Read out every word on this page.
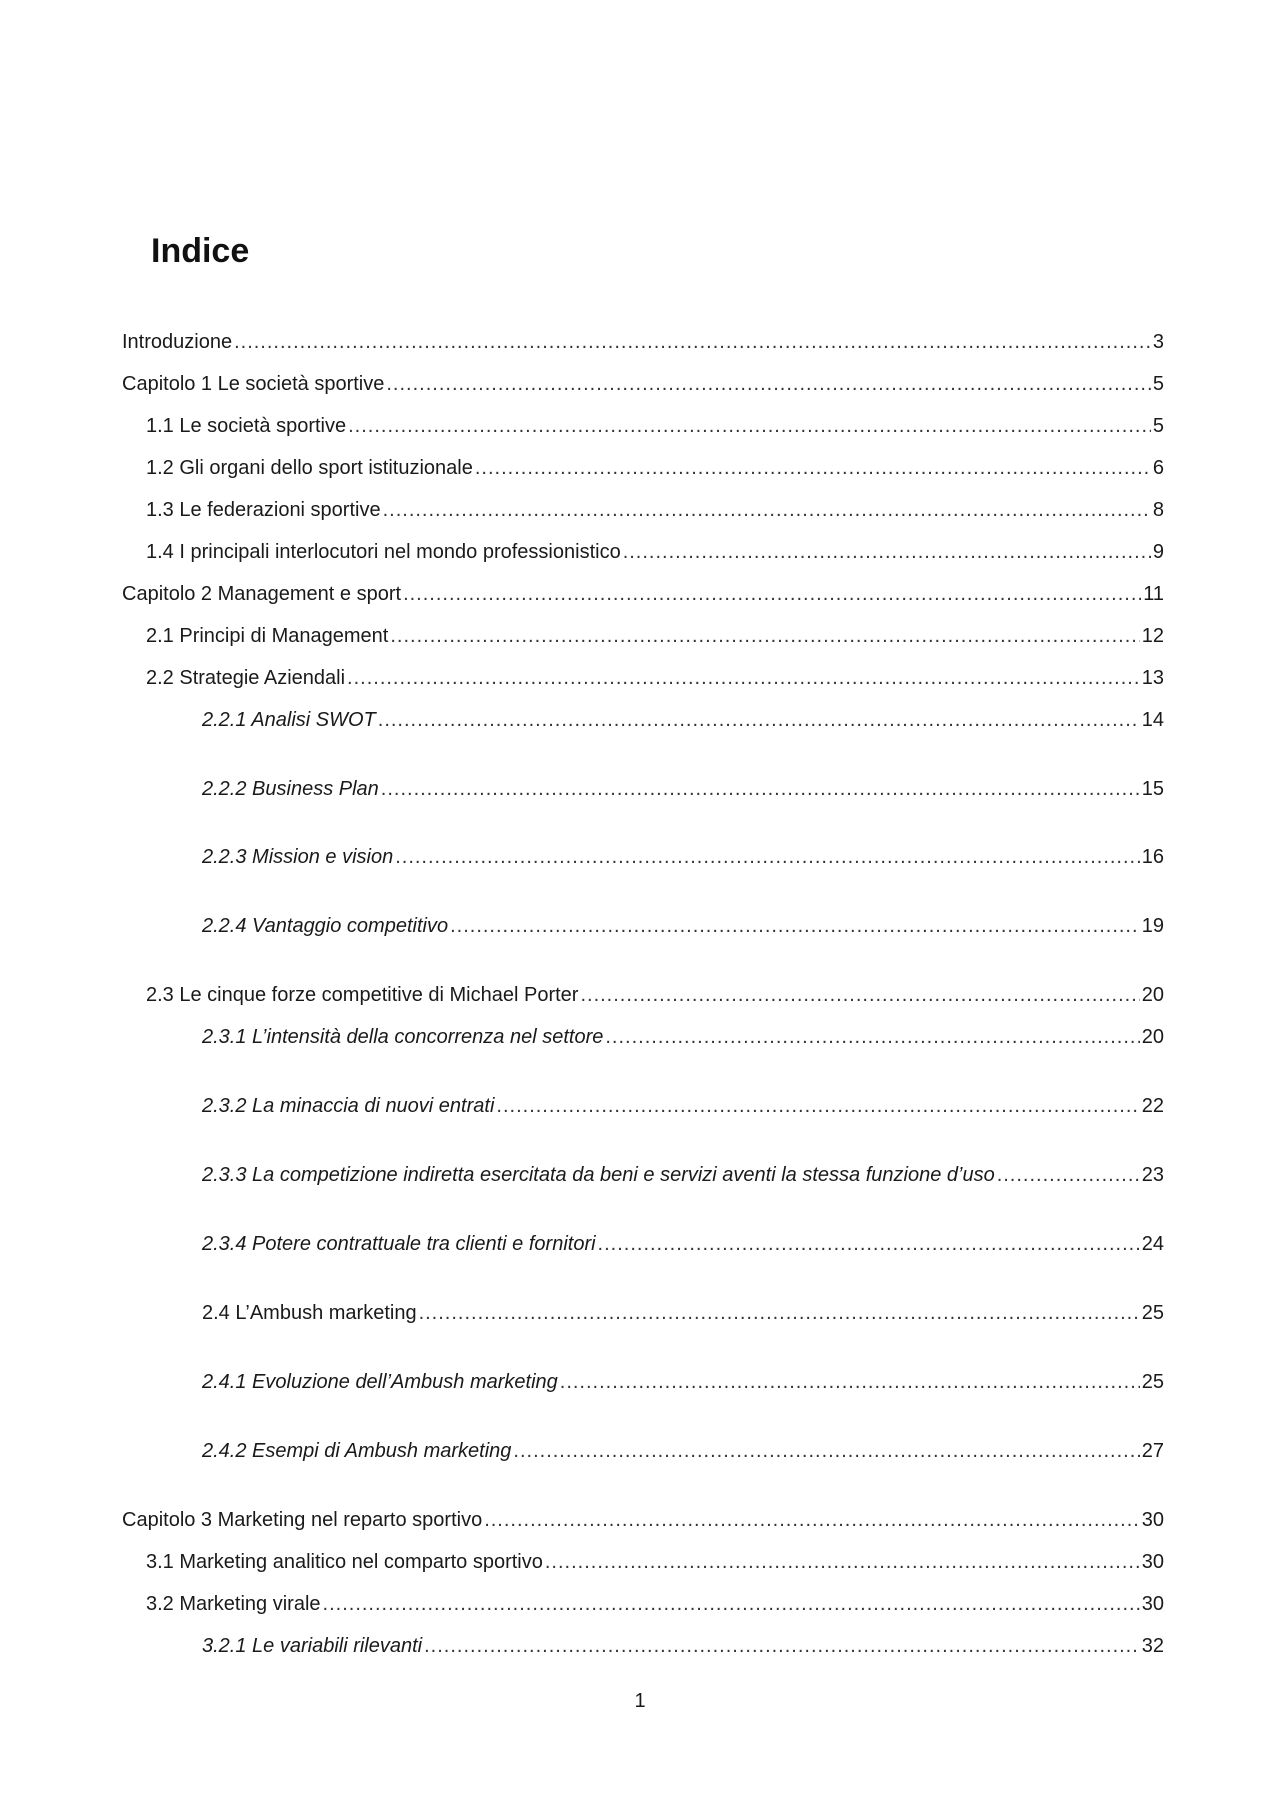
Indice
Introduzione .....	3
Capitolo 1 Le società sportive .....	5
1.1 Le società sportive .....	5
1.2 Gli organi dello sport istituzionale .....	6
1.3 Le federazioni sportive .....	8
1.4 I principali interlocutori nel mondo professionistico .....	9
Capitolo 2 Management e sport .....	11
2.1 Principi di Management .....	12
2.2 Strategie Aziendali .....	13
2.2.1 Analisi SWOT .....	14
2.2.2 Business Plan .....	15
2.2.3 Mission e vision .....	16
2.2.4 Vantaggio competitivo .....	19
2.3 Le cinque forze competitive di Michael Porter .....	20
2.3.1 L’intensità della concorrenza nel settore .....	20
2.3.2 La minaccia di nuovi entrati .....	22
2.3.3 La competizione indiretta esercitata da beni e servizi aventi la stessa funzione d’uso .....	23
2.3.4 Potere contrattuale tra clienti e fornitori .....	24
2.4 L’Ambush marketing .....	25
2.4.1 Evoluzione dell’Ambush marketing .....	25
2.4.2 Esempi di Ambush marketing .....	27
Capitolo 3 Marketing nel reparto sportivo .....	30
3.1 Marketing analitico nel comparto sportivo .....	30
3.2 Marketing virale .....	30
3.2.1 Le variabili rilevanti .....	32
1
